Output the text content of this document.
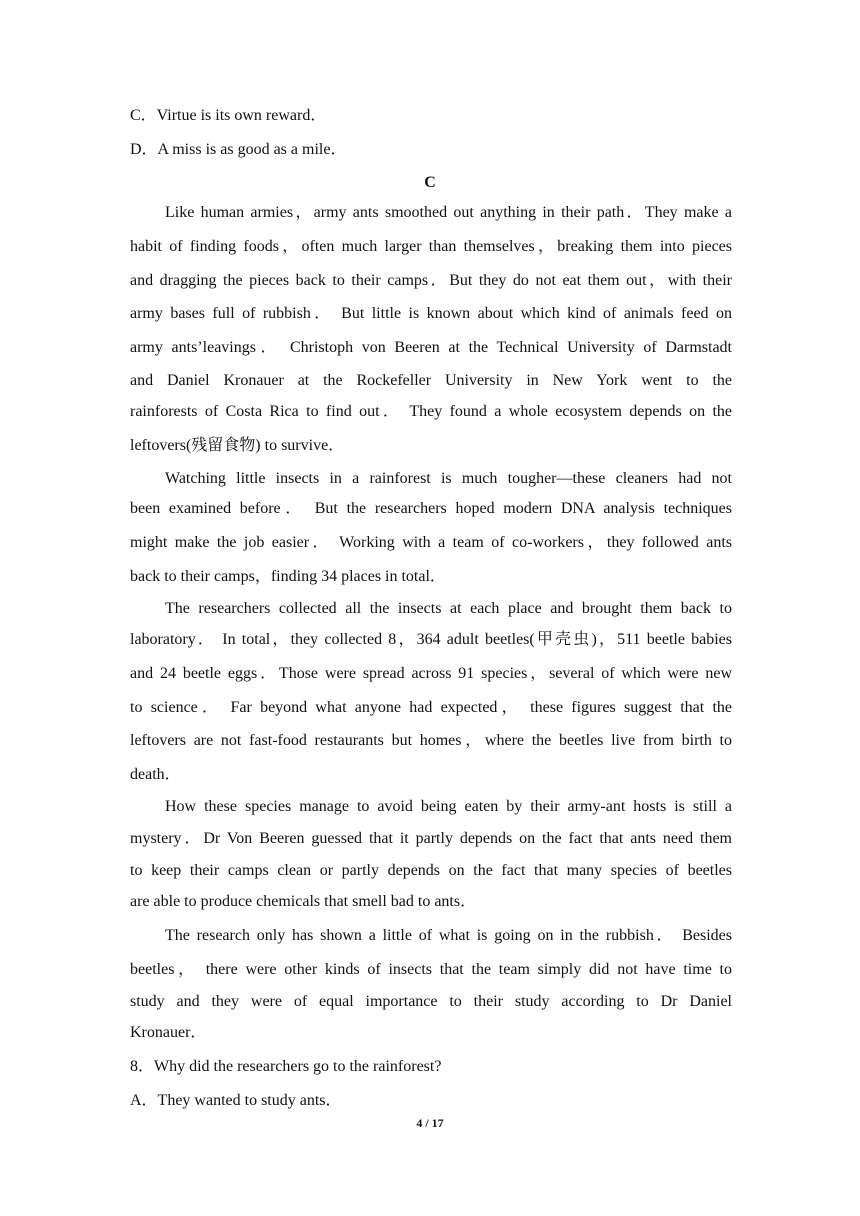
C．Virtue is its own reward．
D．A miss is as good as a mile．
C
Like human armies，army ants smoothed out anything in their path．They make a
habit of finding foods，often much larger than themselves，breaking them into pieces
and dragging the pieces back to their camps．But they do not eat them out，with their
army bases full of rubbish． But little is known about which kind of animals feed on
army ants’leavings． Christoph von Beeren at the Technical University of Darmstadt
and Daniel Kronauer at the Rockefeller University in New York went to the
rainforests of Costa Rica to find out． They found a whole ecosystem depends on the
leftovers(残留食物) to survive．
Watching little insects in a rainforest is much tougher—these cleaners had not
been examined before． But the researchers hoped modern DNA analysis techniques
might make the job easier． Working with a team of co-workers，they followed ants
back to their camps，finding 34 places in total．
The researchers collected all the insects at each place and brought them back to
laboratory． In total，they collected 8，364 adult beetles(甲壳虫)，511 beetle babies
and 24 beetle eggs．Those were spread across 91 species，several of which were new
to science． Far beyond what anyone had expected， these figures suggest that the
leftovers are not fast-food restaurants but homes，where the beetles live from birth to
death．
How these species manage to avoid being eaten by their army-ant hosts is still a
mystery．Dr Von Beeren guessed that it partly depends on the fact that ants need them
to keep their camps clean or partly depends on the fact that many species of beetles
are able to produce chemicals that smell bad to ants．
The research only has shown a little of what is going on in the rubbish． Besides
beetles， there were other kinds of insects that the team simply did not have time to
study and they were of equal importance to their study according to Dr Daniel
Kronauer．
8．Why did the researchers go to the rainforest?
A．They wanted to study ants．
4 / 17
